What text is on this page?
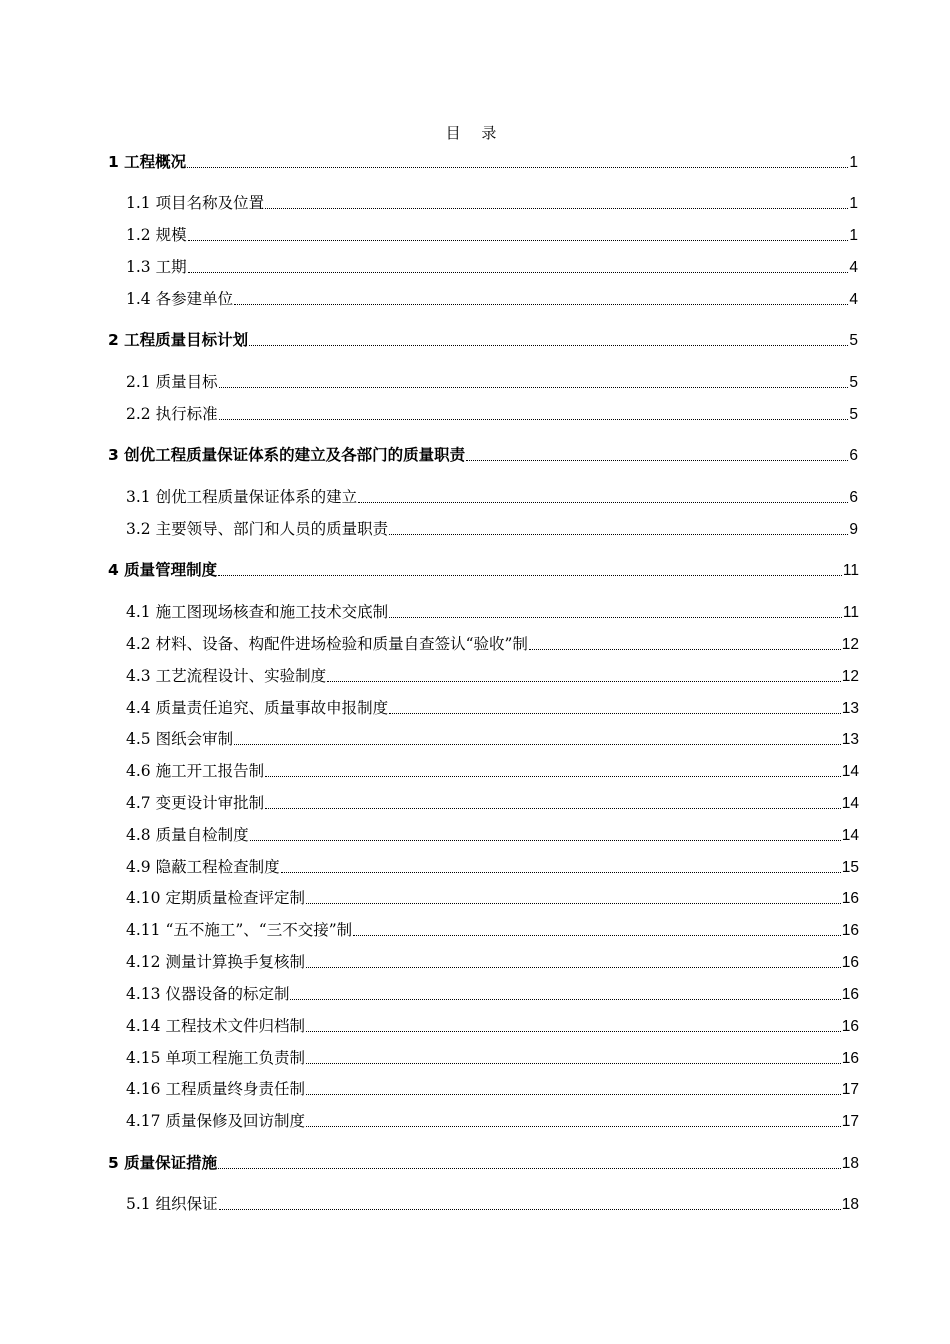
目 录
1 工程概况	1
1.1 项目名称及位置	1
1.2 规模	1
1.3 工期	4
1.4 各参建单位	4
2 工程质量目标计划	5
2.1 质量目标	5
2.2 执行标准	5
3 创优工程质量保证体系的建立及各部门的质量职责	6
3.1 创优工程质量保证体系的建立	6
3.2 主要领导、部门和人员的质量职责	9
4 质量管理制度	11
4.1 施工图现场核查和施工技术交底制	11
4.2 材料、设备、构配件进场检验和质量自查签认“验收”制	12
4.3 工艺流程设计、实验制度	12
4.4 质量责任追究、质量事故申报制度	13
4.5 图纸会审制	13
4.6 施工开工报告制	14
4.7 变更设计审批制	14
4.8 质量自检制度	14
4.9 隐蔽工程检查制度	15
4.10 定期质量检查评定制	16
4.11 “五不施工”、“三不交接”制	16
4.12 测量计算换手复核制	16
4.13 仪器设备的标定制	16
4.14 工程技术文件归档制	16
4.15 单项工程施工负责制	16
4.16 工程质量终身责任制	17
4.17 质量保修及回访制度	17
5 质量保证措施	18
5.1 组织保证	18
